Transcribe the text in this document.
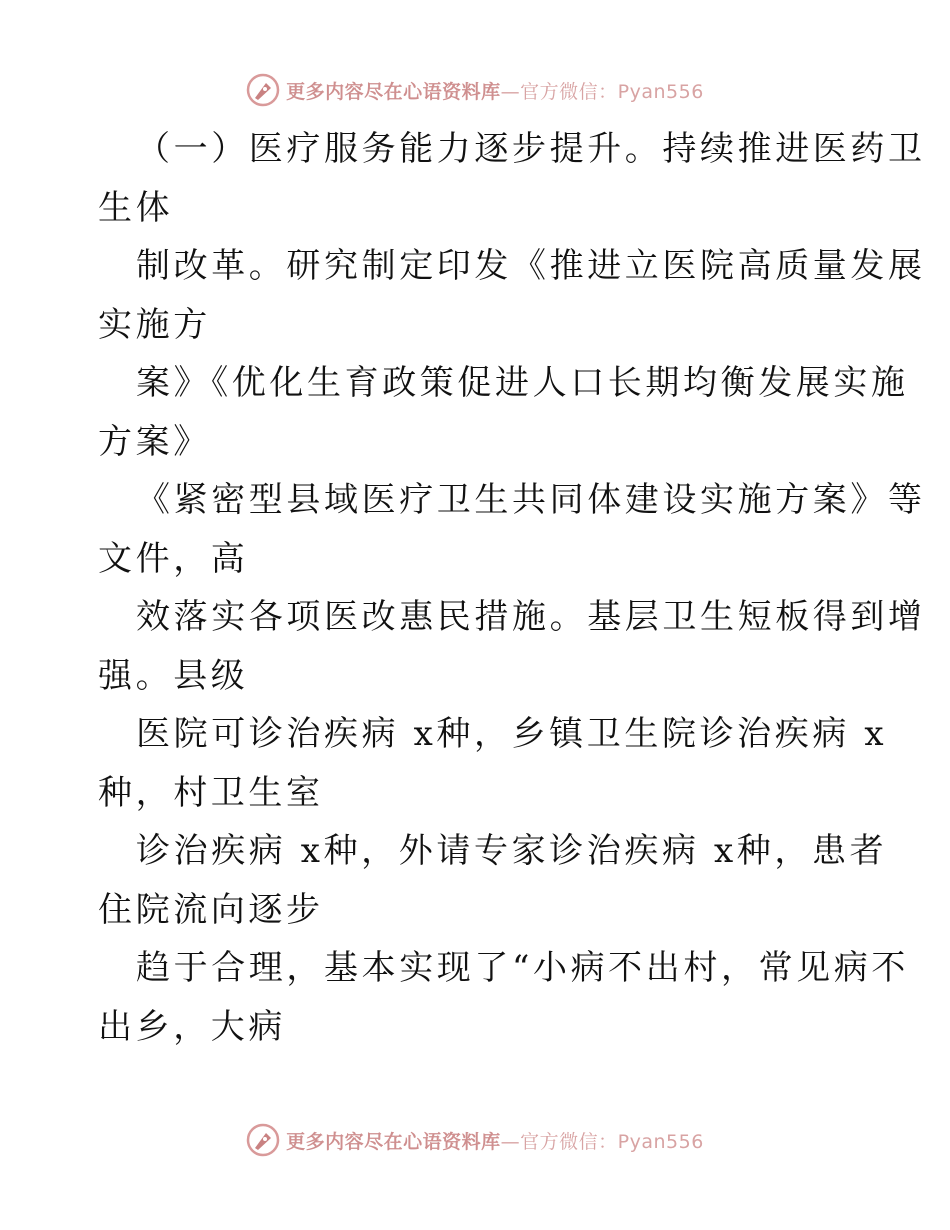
更多内容尽在心语资料库—官方微信：Pyan556
（一）医疗服务能力逐步提升。持续推进医药卫
生体
制改革。研究制定印发《推进立医院高质量发展
实施方
案》《优化生育政策促进人口长期均衡发展实施
方案》
《紧密型县域医疗卫生共同体建设实施方案》等
文件，高
效落实各项医改惠民措施。基层卫生短板得到增
强。县级
医院可诊治疾病 x种，乡镇卫生院诊治疾病 x
种，村卫生室
诊治疾病 x种，外请专家诊治疾病 x种，患者
住院流向逐步
趋于合理，基本实现了“小病不出村，常见病不
出乡，大病
更多内容尽在心语资料库—官方微信：Pyan556
